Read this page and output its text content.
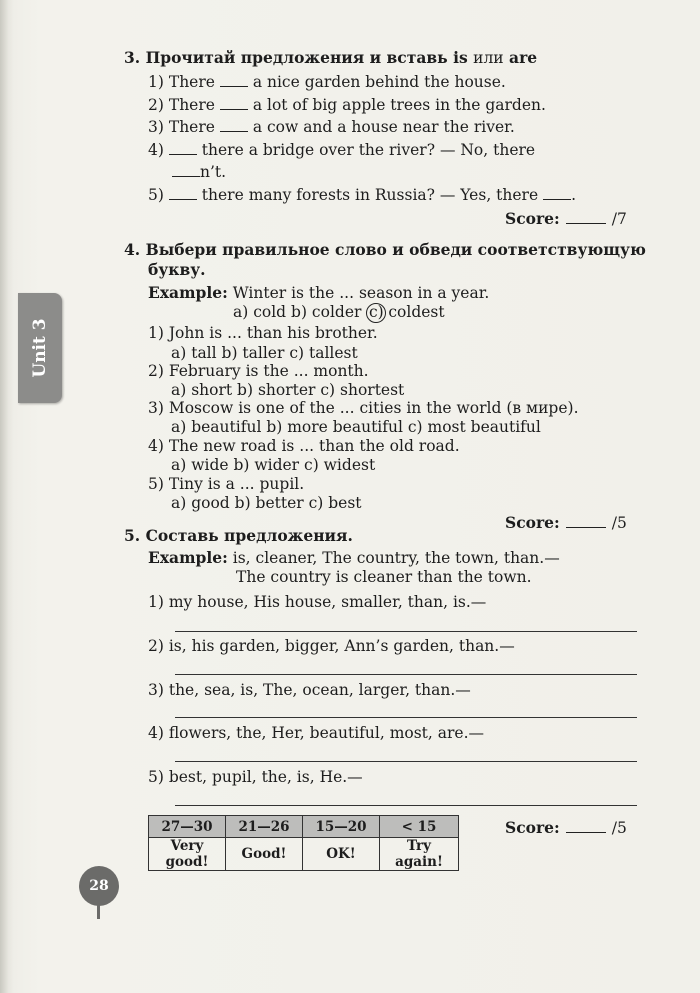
Unit 3
3. Прочитай предложения и вставь is или are
1) There a nice garden behind the house.
2) There a lot of big apple trees in the garden.
3) There a cow and a house near the river.
4) there a bridge over the river? — No, there
n’t.
5) there many forests in Russia? — Yes, there .
Score:	/7
4. Выбери правильное слово и обведи соответствующую
букву.
Example: Winter is the ... season in a year.
a) cold b) colder c) coldest
1) John is ... than his brother.
a) tall b) taller c) tallest
2) February is the ... month.
a) short b) shorter c) shortest
3) Moscow is one of the ... cities in the world (в мире).
a) beautiful b) more beautiful c) most beautiful
4) The new road is ... than the old road.
a) wide b) wider c) widest
5) Tiny is a ... pupil.
a) good b) better c) best
Score:	/5
5. Составь предложения.
Example: is, cleaner, The country, the town, than.—
The country is cleaner than the town.
1) my house, His house, smaller, than, is.—
2) is, his garden, bigger, Ann’s garden, than.—
3) the, sea, is, The, ocean, larger, than.—
4) flowers, the, Her, beautiful, most, are.—
5) best, pupil, the, is, He.—
27—30	21—26	15—20	< 15
Very good!	Good!	OK!	Try again!
Score:	/5
28
